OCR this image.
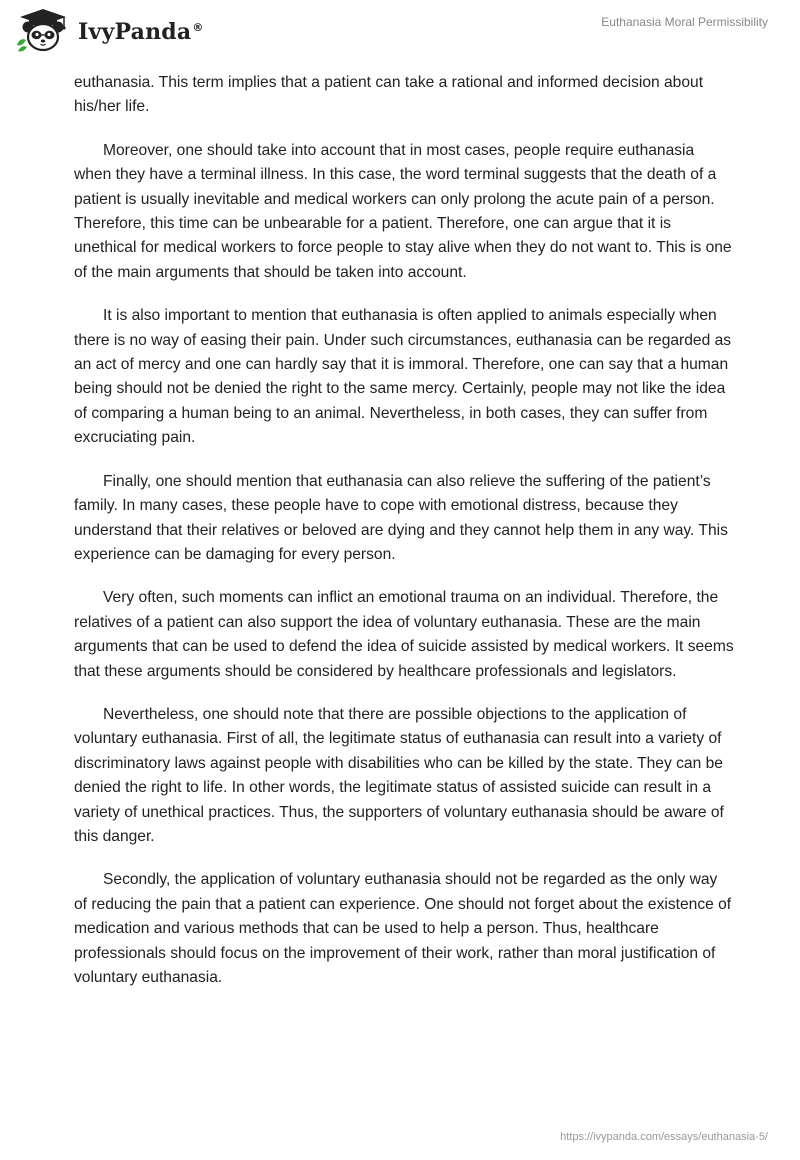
IvyPanda®	Euthanasia Moral Permissibility

euthanasia. This term implies that a patient can take a rational and informed decision about his/her life.

Moreover, one should take into account that in most cases, people require euthanasia when they have a terminal illness. In this case, the word terminal suggests that the death of a patient is usually inevitable and medical workers can only prolong the acute pain of a person. Therefore, this time can be unbearable for a patient. Therefore, one can argue that it is unethical for medical workers to force people to stay alive when they do not want to. This is one of the main arguments that should be taken into account.

It is also important to mention that euthanasia is often applied to animals especially when there is no way of easing their pain. Under such circumstances, euthanasia can be regarded as an act of mercy and one can hardly say that it is immoral. Therefore, one can say that a human being should not be denied the right to the same mercy. Certainly, people may not like the idea of comparing a human being to an animal. Nevertheless, in both cases, they can suffer from excruciating pain.

Finally, one should mention that euthanasia can also relieve the suffering of the patient’s family. In many cases, these people have to cope with emotional distress, because they understand that their relatives or beloved are dying and they cannot help them in any way. This experience can be damaging for every person.

Very often, such moments can inflict an emotional trauma on an individual. Therefore, the relatives of a patient can also support the idea of voluntary euthanasia. These are the main arguments that can be used to defend the idea of suicide assisted by medical workers. It seems that these arguments should be considered by healthcare professionals and legislators.

Nevertheless, one should note that there are possible objections to the application of voluntary euthanasia. First of all, the legitimate status of euthanasia can result into a variety of discriminatory laws against people with disabilities who can be killed by the state. They can be denied the right to life. In other words, the legitimate status of assisted suicide can result in a variety of unethical practices. Thus, the supporters of voluntary euthanasia should be aware of this danger.

Secondly, the application of voluntary euthanasia should not be regarded as the only way of reducing the pain that a patient can experience. One should not forget about the existence of medication and various methods that can be used to help a person. Thus, healthcare professionals should focus on the improvement of their work, rather than moral justification of voluntary euthanasia.

https://ivypanda.com/essays/euthanasia-5/
